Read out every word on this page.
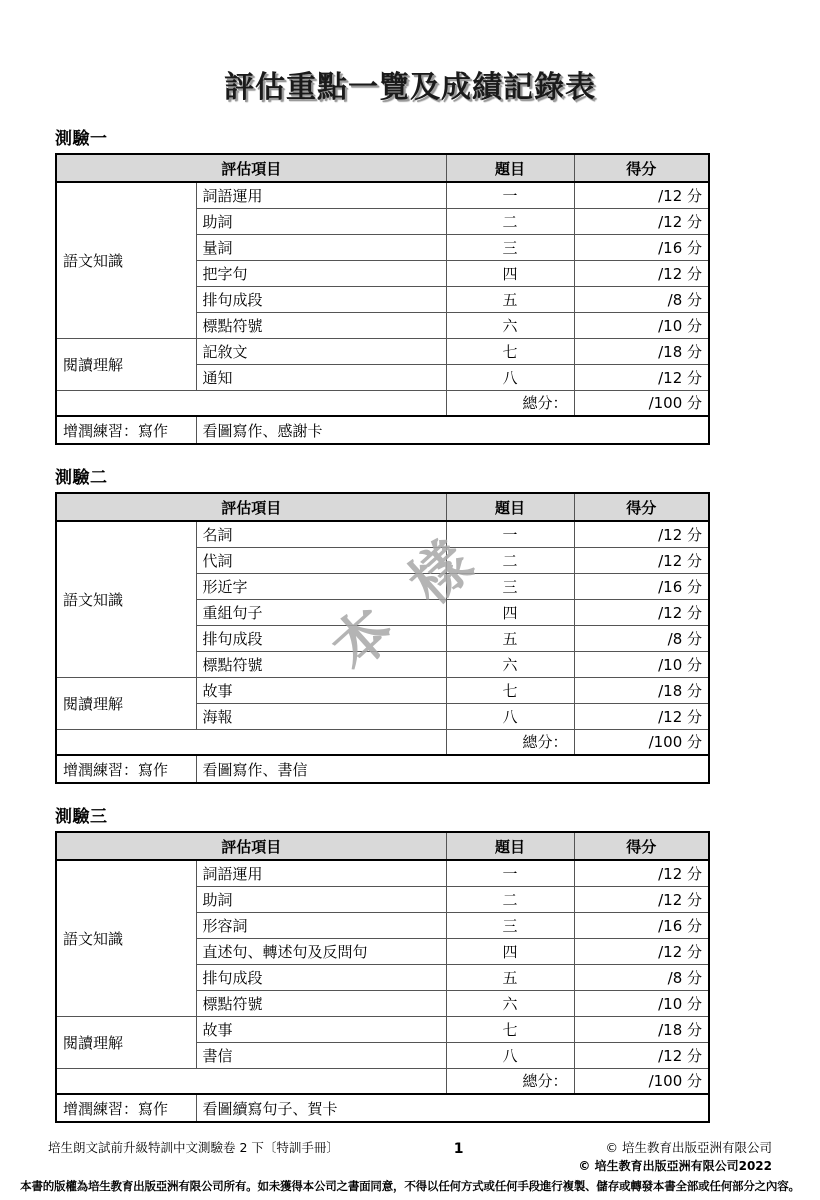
評估重點一覽及成績記錄表
測驗一
評估項目		題目	得分
語文知識	詞語運用	一	/12 分
	助詞	二	/12 分
	量詞	三	/16 分
	把字句	四	/12 分
	排句成段	五	/8 分
	標點符號	六	/10 分
閱讀理解	記敘文	七	/18 分
	通知	八	/12 分
		總分：	/100 分
增潤練習：寫作	看圖寫作、感謝卡		
測驗二
評估項目		題目	得分
語文知識	名詞	一	/12 分
	代詞	二	/12 分
	形近字	三	/16 分
	重組句子	四	/12 分
	排句成段	五	/8 分
	標點符號	六	/10 分
閱讀理解	故事	七	/18 分
	海報	八	/12 分
		總分：	/100 分
增潤練習：寫作	看圖寫作、書信		
測驗三
評估項目		題目	得分
語文知識	詞語運用	一	/12 分
	助詞	二	/12 分
	形容詞	三	/16 分
	直述句、轉述句及反問句	四	/12 分
	排句成段	五	/8 分
	標點符號	六	/10 分
閱讀理解	故事	七	/18 分
	書信	八	/12 分
		總分：	/100 分
增潤練習：寫作	看圖續寫句子、賀卡		
樣
本
培生朗文試前升級特訓中文測驗卷 2 下〔特訓手冊〕	1	© 培生教育出版亞洲有限公司
© 培生教育出版亞洲有限公司2022
本書的版權為培生教育出版亞洲有限公司所有。如未獲得本公司之書面同意，不得以任何方式或任何手段進行複製、儲存或轉發本書全部或任何部分之內容。
